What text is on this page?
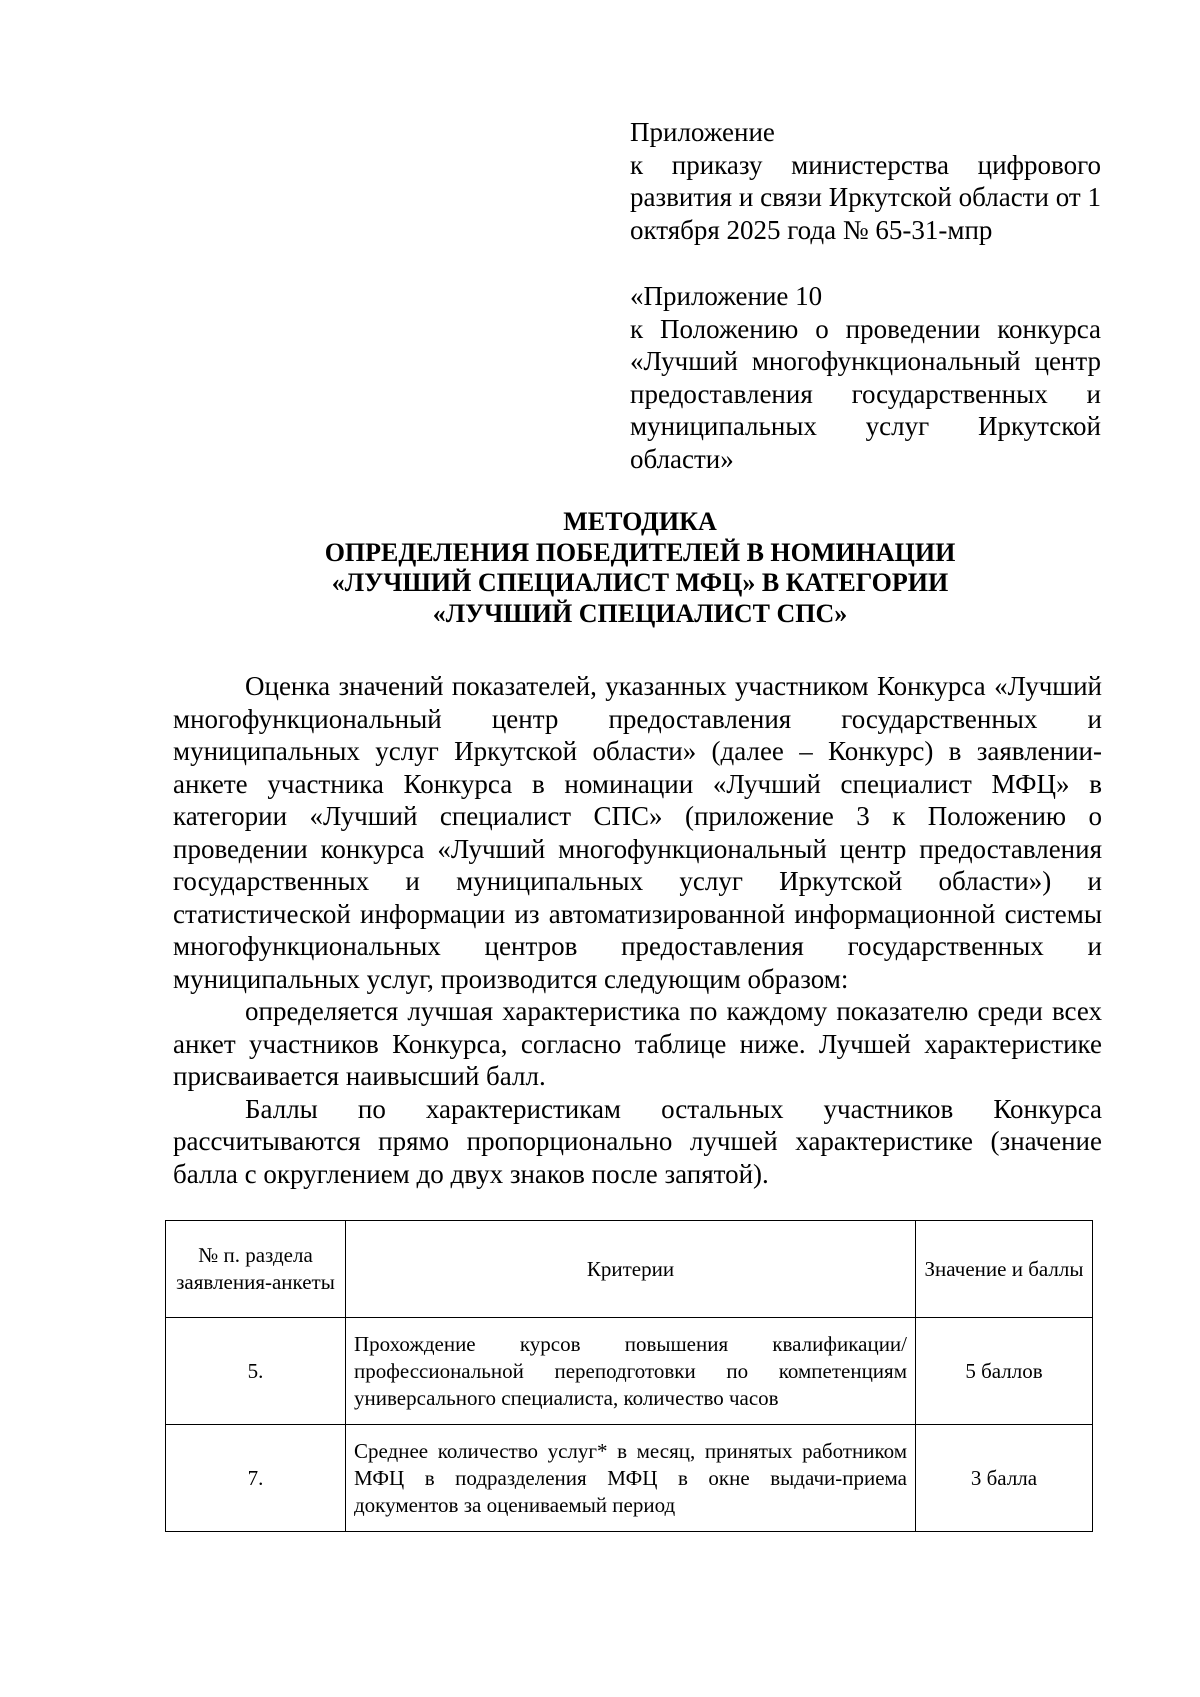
Приложение

к приказу министерства цифрового развития и связи Иркутской области от 1 октября 2025 года № 65-31-мпр

«Приложение 10

к Положению о проведении конкурса «Лучший многофункциональный центр предоставления государственных и муниципальных услуг Иркутской области»

МЕТОДИКА
ОПРЕДЕЛЕНИЯ ПОБЕДИТЕЛЕЙ В НОМИНАЦИИ
«ЛУЧШИЙ СПЕЦИАЛИСТ МФЦ» В КАТЕГОРИИ
«ЛУЧШИЙ СПЕЦИАЛИСТ СПС»

Оценка значений показателей, указанных участником Конкурса «Лучший многофункциональный центр предоставления государственных и муниципальных услуг Иркутской области» (далее – Конкурс) в заявлении-анкете участника Конкурса в номинации «Лучший специалист МФЦ» в категории «Лучший специалист СПС» (приложение 3 к Положению о проведении конкурса «Лучший многофункциональный центр предоставления государственных и муниципальных услуг Иркутской области») и статистической информации из автоматизированной информационной системы многофункциональных центров предоставления государственных и муниципальных услуг, производится следующим образом:

определяется лучшая характеристика по каждому показателю среди всех анкет участников Конкурса, согласно таблице ниже. Лучшей характеристике присваивается наивысший балл.

Баллы по характеристикам остальных участников Конкурса рассчитываются прямо пропорционально лучшей характеристике (значение балла с округлением до двух знаков после запятой).

№ п. раздела заявления-анкеты	Критерии	Значение и баллы
5.	Прохождение курсов повышения квалификации/ профессиональной переподготовки по компетенциям универсального специалиста, количество часов	5 баллов
7.	Среднее количество услуг* в месяц, принятых работником МФЦ в подразделения МФЦ в окне выдачи-приема документов за оцениваемый период	3 балла
